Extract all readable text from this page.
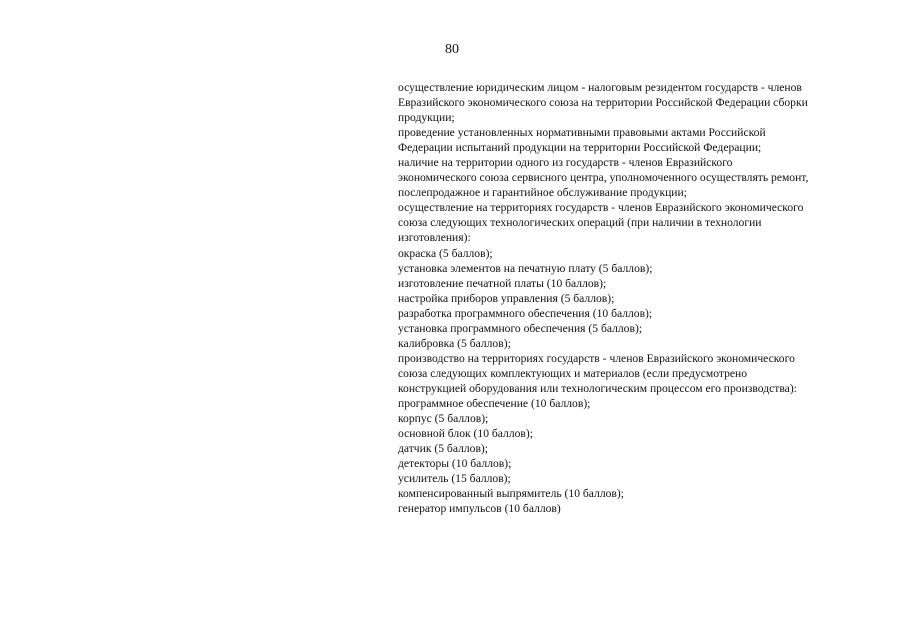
80

осуществление юридическим лицом - налоговым резидентом государств - членов
Евразийского экономического союза на территории Российской Федерации сборки
продукции;
проведение установленных нормативными правовыми актами Российской
Федерации испытаний продукции на территории Российской Федерации;
наличие на территории одного из государств - членов Евразийского
экономического союза сервисного центра, уполномоченного осуществлять ремонт,
послепродажное и гарантийное обслуживание продукции;
осуществление на территориях государств - членов Евразийского экономического
союза следующих технологических операций (при наличии в технологии
изготовления):
окраска (5 баллов);
установка элементов на печатную плату (5 баллов);
изготовление печатной платы (10 баллов);
настройка приборов управления (5 баллов);
разработка программного обеспечения (10 баллов);
установка программного обеспечения (5 баллов);
калибровка (5 баллов);
производство на территориях государств - членов Евразийского экономического
союза следующих комплектующих и материалов (если предусмотрено
конструкцией оборудования или технологическим процессом его производства):
программное обеспечение (10 баллов);
корпус (5 баллов);
основной блок (10 баллов);
датчик (5 баллов);
детекторы (10 баллов);
усилитель (15 баллов);
компенсированный выпрямитель (10 баллов);
генератор импульсов (10 баллов)
